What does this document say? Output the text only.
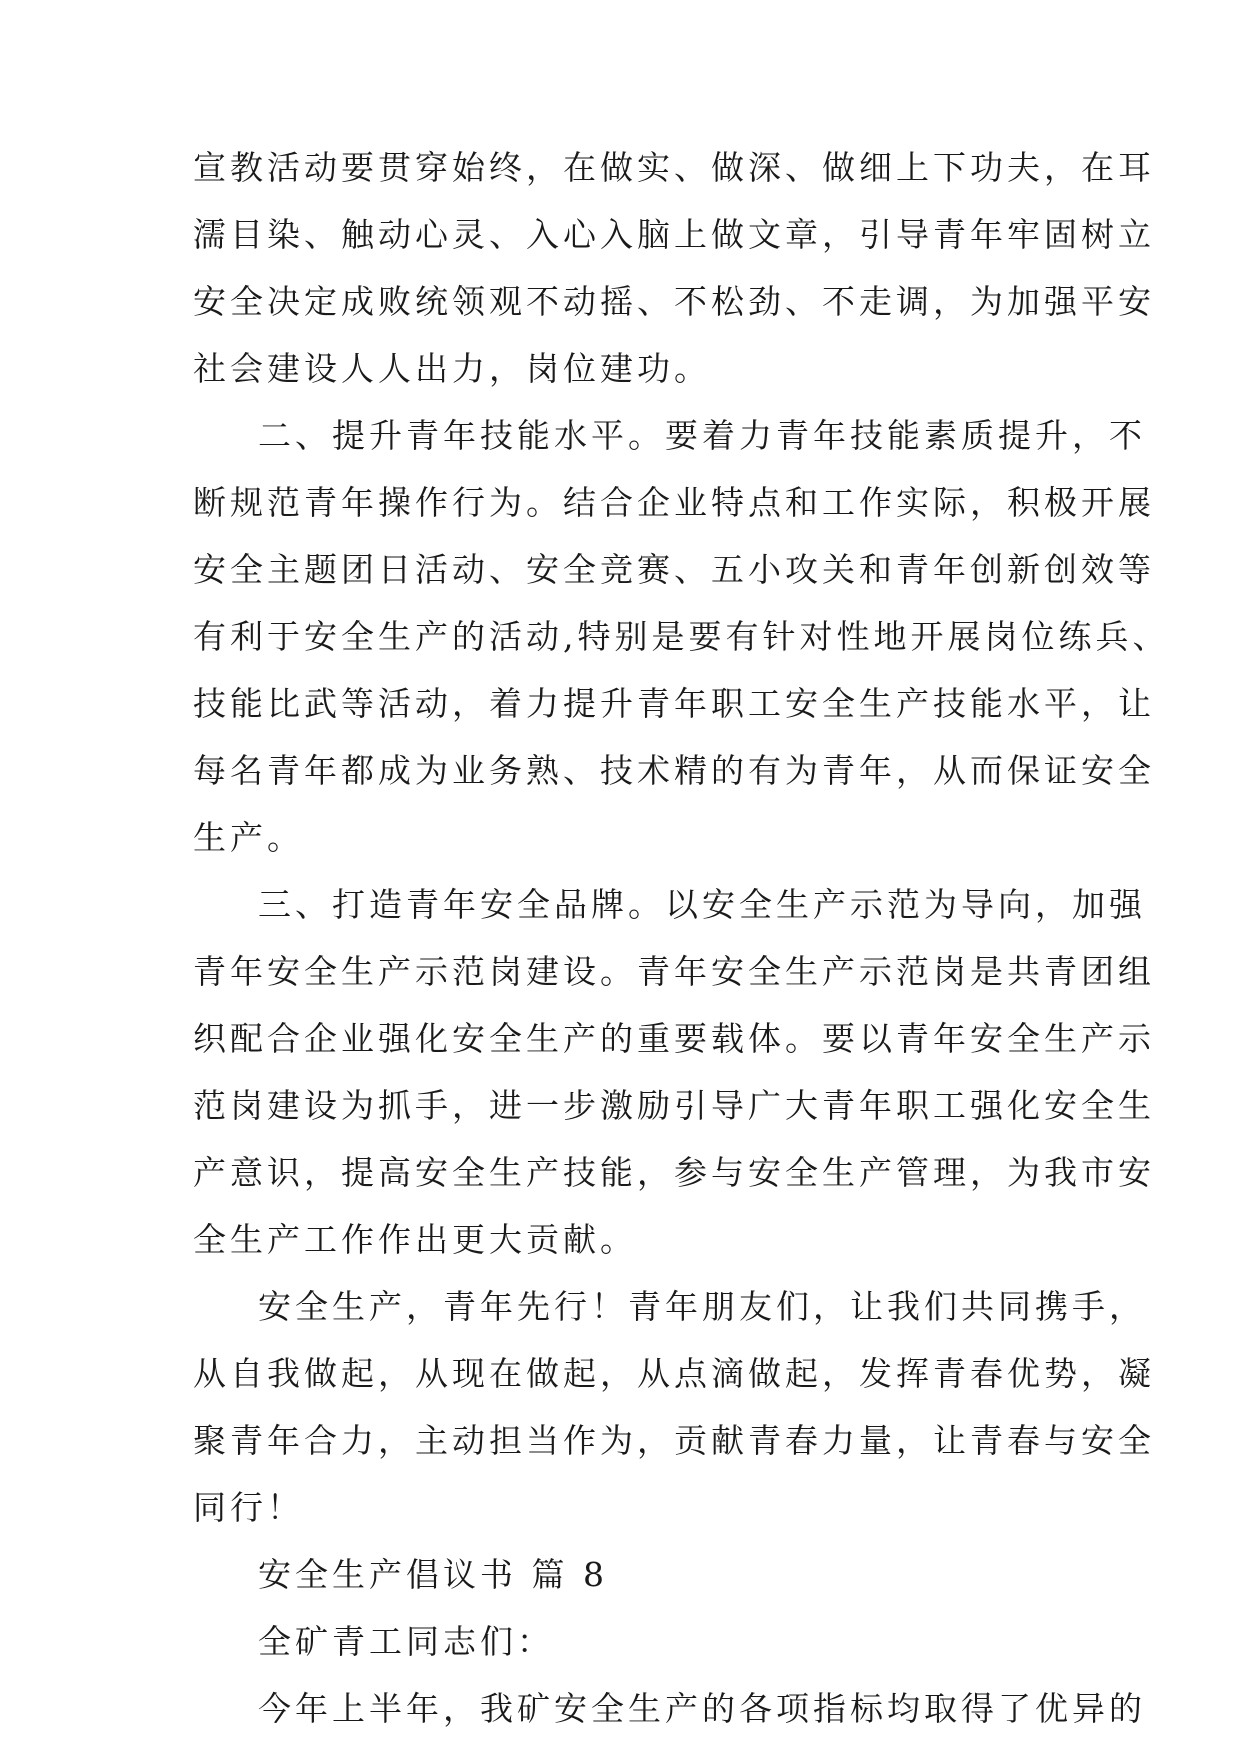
宣教活动要贯穿始终，在做实、做深、做细上下功夫，在耳
濡目染、触动心灵、入心入脑上做文章，引导青年牢固树立
安全决定成败统领观不动摇、不松劲、不走调，为加强平安
社会建设人人出力，岗位建功。
二、提升青年技能水平。要着力青年技能素质提升，不
断规范青年操作行为。结合企业特点和工作实际，积极开展
安全主题团日活动、安全竞赛、五小攻关和青年创新创效等
有利于安全生产的活动,特别是要有针对性地开展岗位练兵、
技能比武等活动，着力提升青年职工安全生产技能水平，让
每名青年都成为业务熟、技术精的有为青年，从而保证安全
生产。
三、打造青年安全品牌。以安全生产示范为导向，加强
青年安全生产示范岗建设。青年安全生产示范岗是共青团组
织配合企业强化安全生产的重要载体。要以青年安全生产示
范岗建设为抓手，进一步激励引导广大青年职工强化安全生
产意识，提高安全生产技能，参与安全生产管理，为我市安
全生产工作作出更大贡献。
安全生产，青年先行！青年朋友们，让我们共同携手，
从自我做起，从现在做起，从点滴做起，发挥青春优势，凝
聚青年合力，主动担当作为，贡献青春力量，让青春与安全
同行！
安全生产倡议书 篇 8
全矿青工同志们：
今年上半年，我矿安全生产的各项指标均取得了优异的
